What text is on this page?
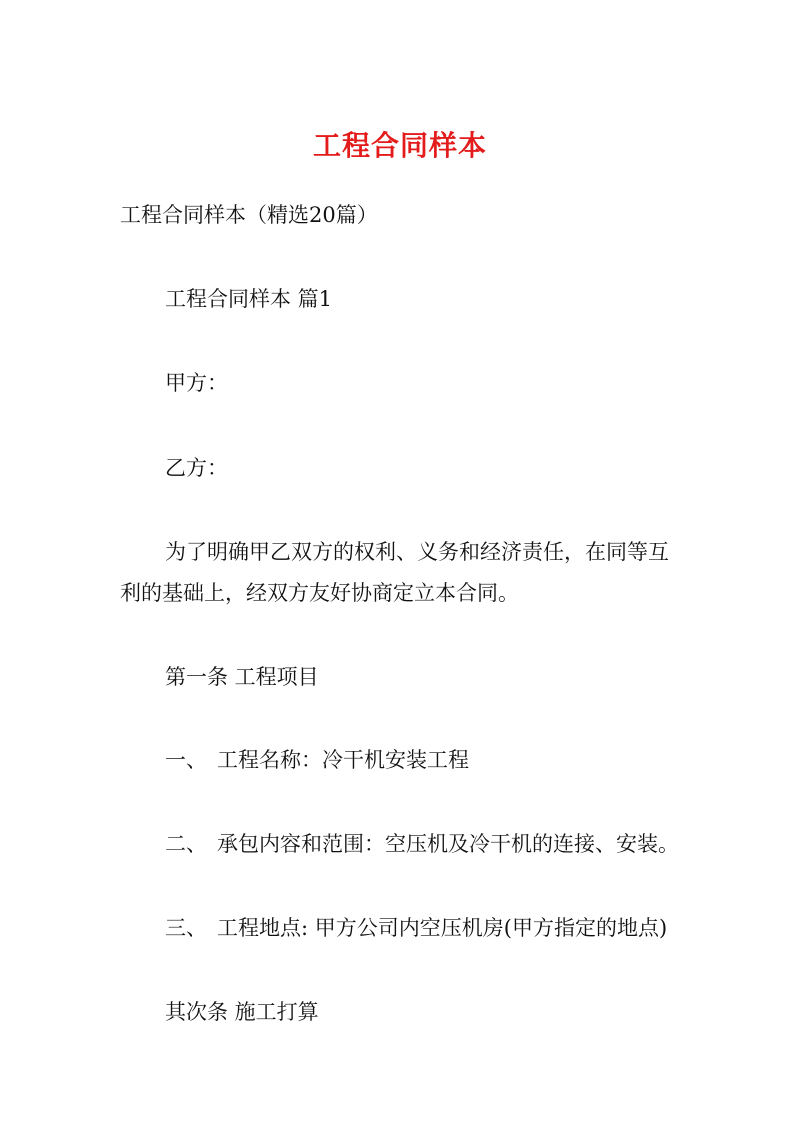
工程合同样本
工程合同样本（精选20篇）
工程合同样本 篇1
甲方：
乙方：
为了明确甲乙双方的权利、义务和经济责任，在同等互
利的基础上，经双方友好协商定立本合同。
第一条 工程项目
一、 工程名称：冷干机安装工程
二、 承包内容和范围：空压机及冷干机的连接、安装。
三、 工程地点: 甲方公司内空压机房(甲方指定的地点)
其次条 施工打算
